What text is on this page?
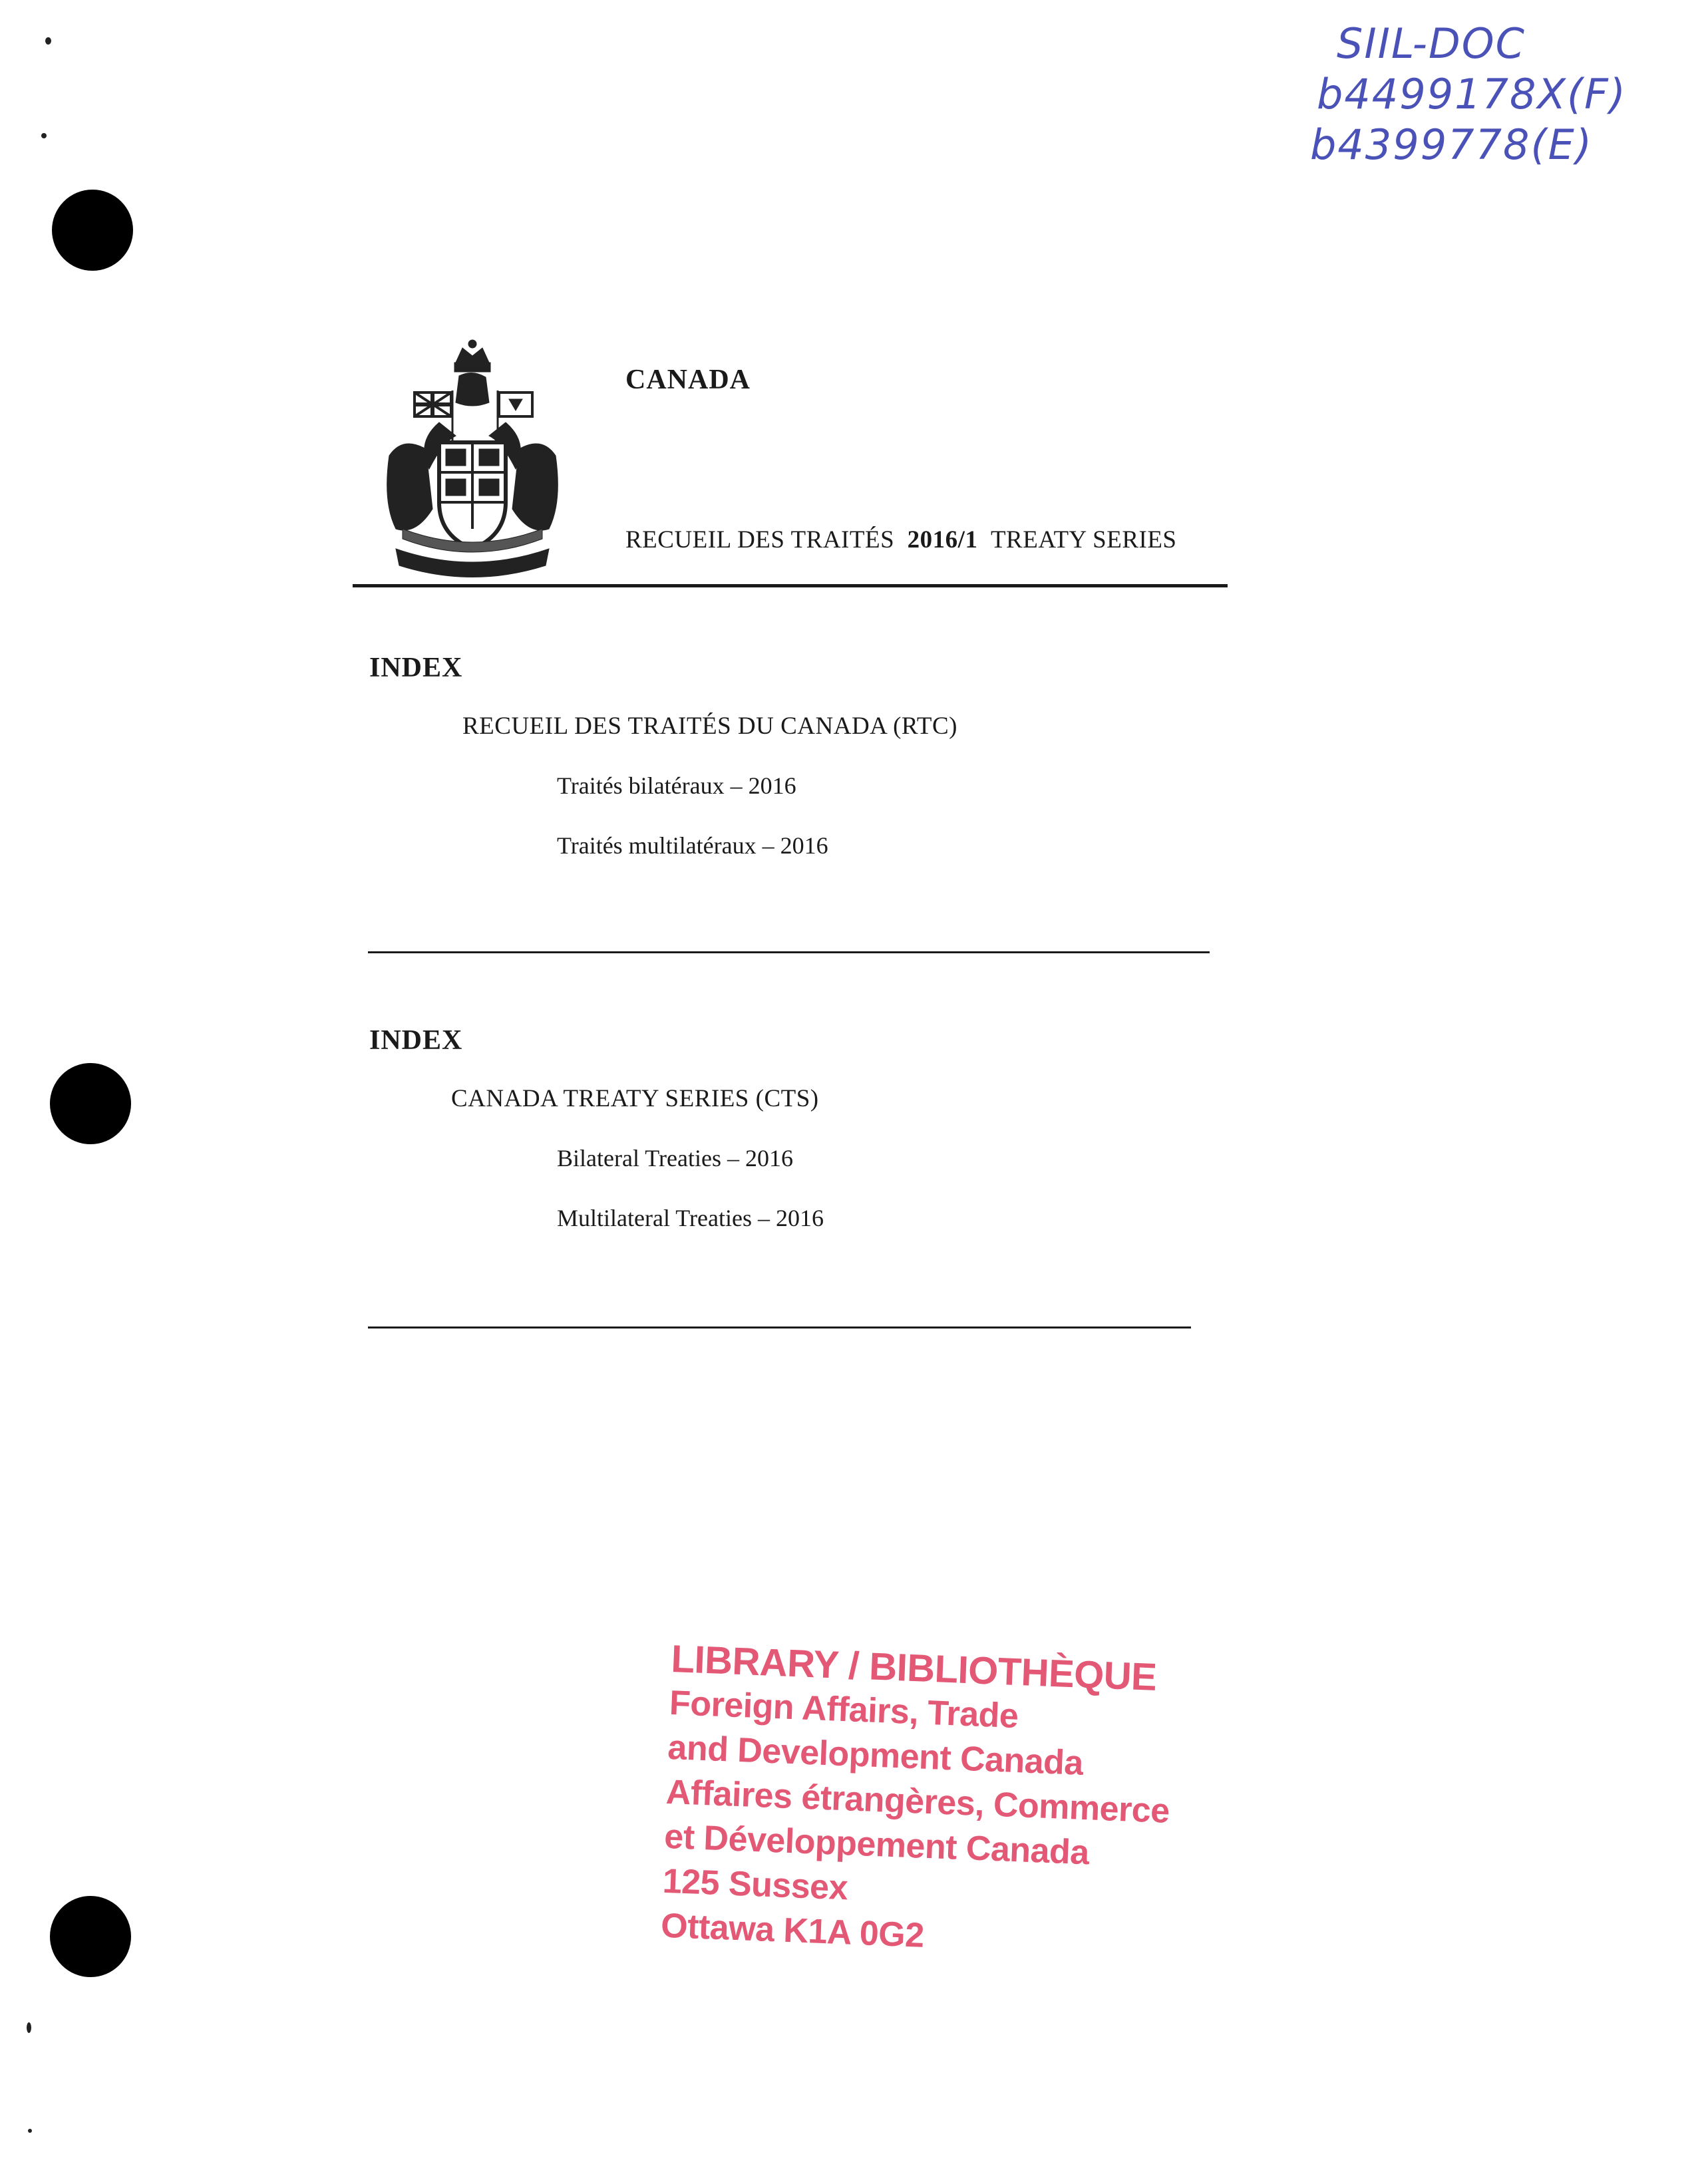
SIIL-DOC
b4499178X(F)
b4399778(E)
CANADA
RECUEIL DES TRAITÉS 2016/1 TREATY SERIES
INDEX
RECUEIL DES TRAITÉS DU CANADA (RTC)
Traités bilatéraux – 2016
Traités multilatéraux – 2016
INDEX
CANADA TREATY SERIES (CTS)
Bilateral Treaties – 2016
Multilateral Treaties – 2016
LIBRARY / BIBLIOTHÈQUE
Foreign Affairs, Trade
and Development Canada
Affaires étrangères, Commerce
et Développement Canada
125 Sussex
Ottawa K1A 0G2
